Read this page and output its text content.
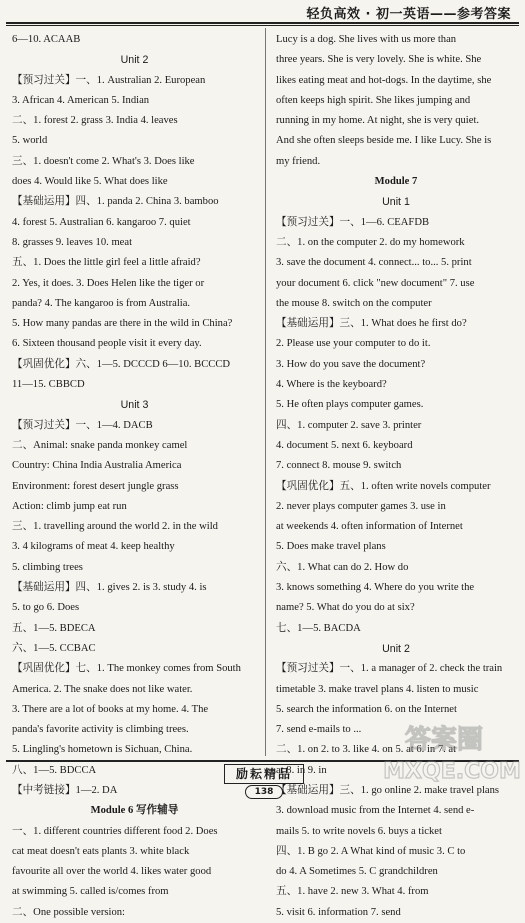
轻负高效 · 初一英语——参考答案
6—10. ACAAB
Unit 2
【预习过关】一、1. Australian 2. European
3. African 4. American 5. Indian
二、1. forest 2. grass 3. India 4. leaves
5. world
三、1. doesn't come 2. What's 3. Does like
does 4. Would like 5. What does like
【基础运用】四、1. panda 2. China 3. bamboo
4. forest 5. Australian 6. kangaroo 7. quiet
8. grasses 9. leaves 10. meat
五、1. Does the little girl feel a little afraid?
2. Yes, it does. 3. Does Helen like the tiger or
panda? 4. The kangaroo is from Australia.
5. How many pandas are there in the wild in China?
6. Sixteen thousand people visit it every day.
【巩固优化】六、1—5. DCCCD 6—10. BCCCD
11—15. CBBCD
Unit 3
【预习过关】一、1—4. DACB
二、Animal: snake panda monkey camel
Country: China India Australia America
Environment: forest desert jungle grass
Action: climb jump eat run
三、1. travelling around the world 2. in the wild
3. 4 kilograms of meat 4. keep healthy
5. climbing trees
【基础运用】四、1. gives 2. is 3. study 4. is
5. to go 6. Does
五、1—5. BDECA
六、1—5. CCBAC
【巩固优化】七、1. The monkey comes from South
America. 2. The snake does not like water.
3. There are a lot of books at my home. 4. The
panda's favorite activity is climbing trees.
5. Lingling's hometown is Sichuan, China.
八、1—5. BDCCA
【中考链接】1—2. DA
Module 6 写作辅导
一、1. different countries different food 2. Does
cat meat doesn't eats plants 3. white black
favourite all over the world 4. likes water good
at swimming 5. called is/comes from
二、One possible version:
Lucy is a dog. She lives with us more than
three years. She is very lovely. She is white. She
likes eating meat and hot-dogs. In the daytime, she
often keeps high spirit. She likes jumping and
running in my home. At night, she is very quiet.
And she often sleeps beside me. I like Lucy. She is
my friend.
Module 7
Unit 1
【预习过关】一、1—6. CEAFDB
二、1. on the computer 2. do my homework
3. save the document 4. connect... to... 5. print
your document 6. click "new document" 7. use
the mouse 8. switch on the computer
【基础运用】三、1. What does he first do?
2. Please use your computer to do it.
3. How do you save the document?
4. Where is the keyboard?
5. He often plays computer games.
四、1. computer 2. save 3. printer
4. document 5. next 6. keyboard
7. connect 8. mouse 9. switch
【巩固优化】五、1. often write novels computer
2. never plays computer games 3. use in
at weekends 4. often information of Internet
5. Does make travel plans
六、1. What can do 2. How do
3. knows something 4. Where do you write the
name? 5. What do you do at six?
七、1—5. BACDA
Unit 2
【预习过关】一、1. a manager of 2. check the train
timetable 3. make travel plans 4. listen to music
5. search the information 6. on the Internet
7. send e-mails to ...
二、1. on 2. to 3. like 4. on 5. at 6. in 7. at
at 8. in 9. in
【基础运用】三、1. go online 2. make travel plans
3. download music from the Internet 4. send e-
mails 5. to write novels 6. buys a ticket
四、1. B go 2. A What kind of music 3. C to
do 4. A Sometimes 5. C grandchildren
五、1. have 2. new 3. What 4. from
5. visit 6. information 7. send
励耘精品
138
答案圈
MXQE.COM
